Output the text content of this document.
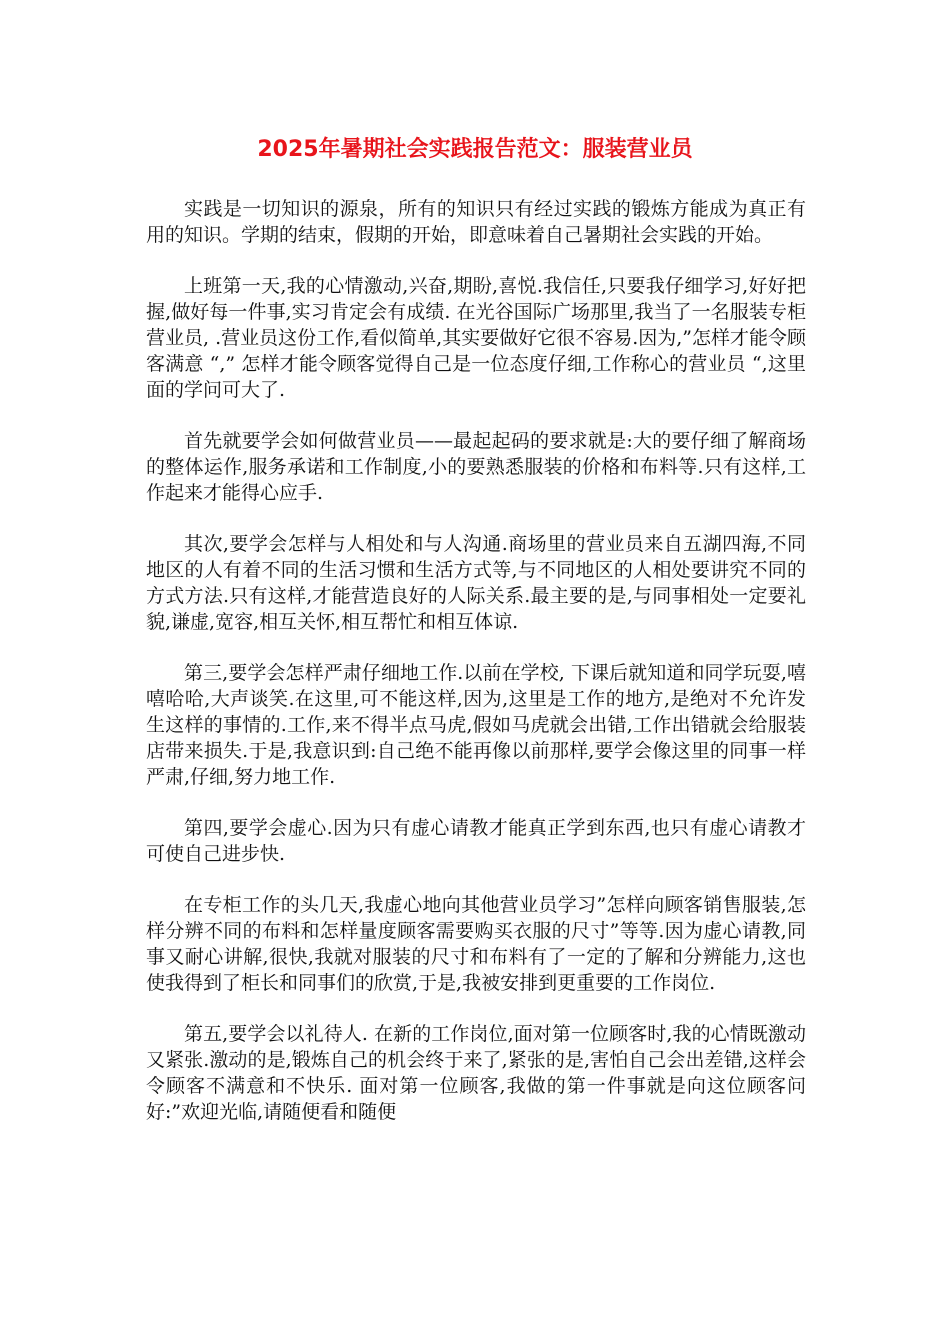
2025年暑期社会实践报告范文：服装营业员

实践是一切知识的源泉，所有的知识只有经过实践的锻炼方能成为真正有用的知识。学期的结束，假期的开始，即意味着自己暑期社会实践的开始。

上班第一天,我的心情激动,兴奋,期盼,喜悦.我信任,只要我仔细学习,好好把握,做好每一件事,实习肯定会有成绩. 在光谷国际广场那里,我当了一名服装专柜营业员, .营业员这份工作,看似简单,其实要做好它很不容易.因为,”怎样才能令顾客满意 “,” 怎样才能令顾客觉得自己是一位态度仔细,工作称心的营业员 “,这里面的学问可大了.

首先就要学会如何做营业员——最起起码的要求就是:大的要仔细了解商场的整体运作,服务承诺和工作制度,小的要熟悉服装的价格和布料等.只有这样,工作起来才能得心应手.

其次,要学会怎样与人相处和与人沟通.商场里的营业员来自五湖四海,不同地区的人有着不同的生活习惯和生活方式等,与不同地区的人相处要讲究不同的方式方法.只有这样,才能营造良好的人际关系.最主要的是,与同事相处一定要礼貌,谦虚,宽容,相互关怀,相互帮忙和相互体谅.

第三,要学会怎样严肃仔细地工作.以前在学校, 下课后就知道和同学玩耍,嘻嘻哈哈,大声谈笑.在这里,可不能这样,因为,这里是工作的地方,是绝对不允许发生这样的事情的.工作,来不得半点马虎,假如马虎就会出错,工作出错就会给服装店带来损失.于是,我意识到:自己绝不能再像以前那样,要学会像这里的同事一样严肃,仔细,努力地工作.

第四,要学会虚心.因为只有虚心请教才能真正学到东西,也只有虚心请教才可使自己进步快.

在专柜工作的头几天,我虚心地向其他营业员学习”怎样向顾客销售服装,怎样分辨不同的布料和怎样量度顾客需要购买衣服的尺寸”等等.因为虚心请教,同事又耐心讲解,很快,我就对服装的尺寸和布料有了一定的了解和分辨能力,这也使我得到了柜长和同事们的欣赏,于是,我被安排到更重要的工作岗位.

第五,要学会以礼待人. 在新的工作岗位,面对第一位顾客时,我的心情既激动又紧张.激动的是,锻炼自己的机会终于来了,紧张的是,害怕自己会出差错,这样会令顾客不满意和不快乐. 面对第一位顾客,我做的第一件事就是向这位顾客问好:”欢迎光临,请随便看和随便
